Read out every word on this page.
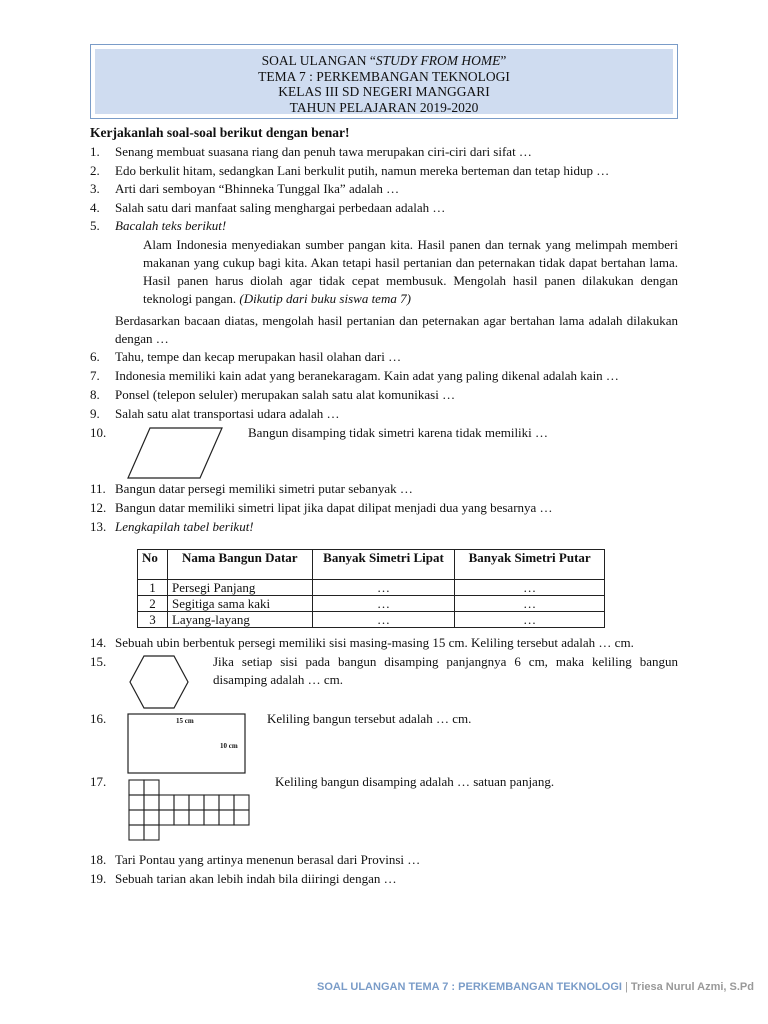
SOAL ULANGAN “STUDY FROM HOME”
TEMA 7 : PERKEMBANGAN TEKNOLOGI
KELAS III SD NEGERI MANGGARI
TAHUN PELAJARAN 2019-2020
Kerjakanlah soal-soal berikut dengan benar!
1. Senang membuat suasana riang dan penuh tawa merupakan ciri-ciri dari sifat …
2. Edo berkulit hitam, sedangkan Lani berkulit putih, namun mereka berteman dan tetap hidup …
3. Arti dari semboyan “Bhinneka Tunggal Ika” adalah …
4. Salah satu dari manfaat saling menghargai perbedaan adalah …
5. Bacalah teks berikut!
Alam Indonesia menyediakan sumber pangan kita. Hasil panen dan ternak yang melimpah memberi makanan yang cukup bagi kita. Akan tetapi hasil pertanian dan peternakan tidak dapat bertahan lama. Hasil panen harus diolah agar tidak cepat membusuk. Mengolah hasil panen dilakukan dengan teknologi pangan. (Dikutip dari buku siswa tema 7)
Berdasarkan bacaan diatas, mengolah hasil pertanian dan peternakan agar bertahan lama adalah dilakukan dengan …
6. Tahu, tempe dan kecap merupakan hasil olahan dari …
7. Indonesia memiliki kain adat yang beranekaragam. Kain adat yang paling dikenal adalah kain …
8. Ponsel (telepon seluler) merupakan salah satu alat komunikasi …
9. Salah satu alat transportasi udara adalah …
10.	Bangun disamping tidak simetri karena tidak memiliki …
11. Bangun datar persegi memiliki simetri putar sebanyak …
12. Bangun datar memiliki simetri lipat jika dapat dilipat menjadi dua yang besarnya …
13. Lengkapilah tabel berikut!
No	Nama Bangun Datar	Banyak Simetri Lipat	Banyak Simetri Putar
1	Persegi Panjang	…	…
2	Segitiga sama kaki	…	…
3	Layang-layang	…	…
14. Sebuah ubin berbentuk persegi memiliki sisi masing-masing 15 cm. Keliling tersebut adalah … cm.
15.	Jika setiap sisi pada bangun disamping panjangnya 6 cm, maka keliling bangun disamping adalah … cm.
16.	15 cm
10 cm
Keliling bangun tersebut adalah … cm.
17.	Keliling bangun disamping adalah … satuan panjang.
18. Tari Pontau yang artinya menenun berasal dari Provinsi …
19. Sebuah tarian akan lebih indah bila diiringi dengan …
SOAL ULANGAN TEMA 7 : PERKEMBANGAN TEKNOLOGI | Triesa Nurul Azmi, S.Pd
